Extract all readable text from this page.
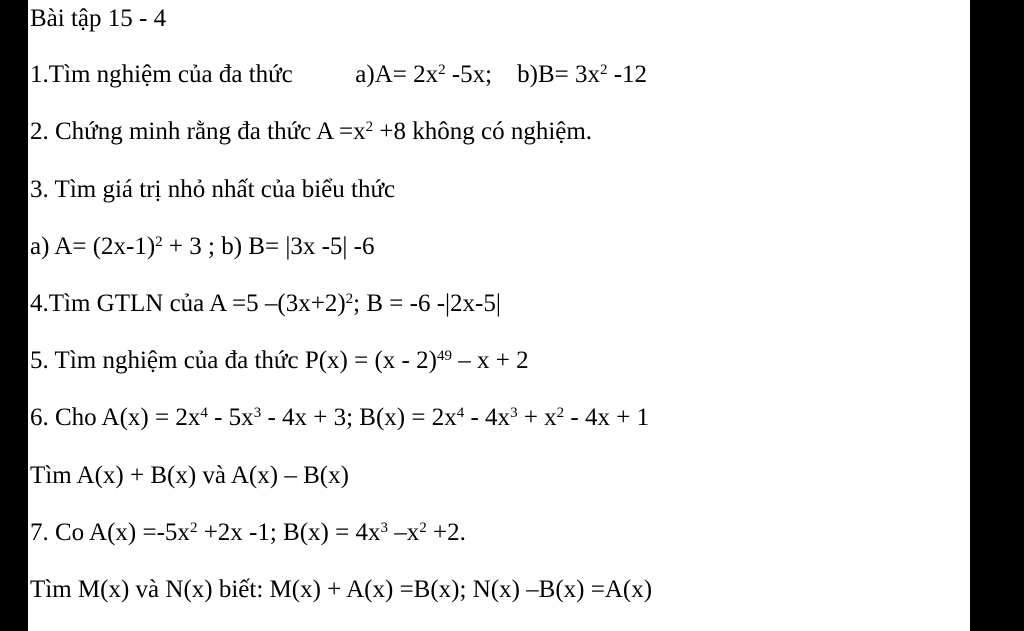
Bài tập 15 - 4
1.Tìm nghiệm của đa thức          $a)A= 2x^2$ -5x;    $b)B= 3x^2$ -12
2. Chứng minh rằng đa thức $A =x^2 +8$ không có nghiệm.
3. Tìm giá trị nhỏ nhất của biểu thức
a) $A= (2x-1)^2 + 3$ ; b) B= |3x -5| -6
4.Tìm GTLN của A =5 $-(3x+2)^2$; B = -6 -|2x-5|
5. Tìm nghiệm của đa thức P(x) = (x - 2)$^{49}$ – x + 2
6. Cho $A(x) = 2x^4 - 5x^3 - 4x + 3$; $B(x) = 2x^4 - 4x^3 + x^2 - 4x + 1$
Tìm A(x) + B(x) và A(x) – B(x)
7. Co $A(x) =-5x^2 +2x$ -1; $B(x) = 4x^3$ $-x^2 +2$.
Tìm M(x) và N(x) biết: M(x) + A(x) =B(x); N(x) –B(x) =A(x)
